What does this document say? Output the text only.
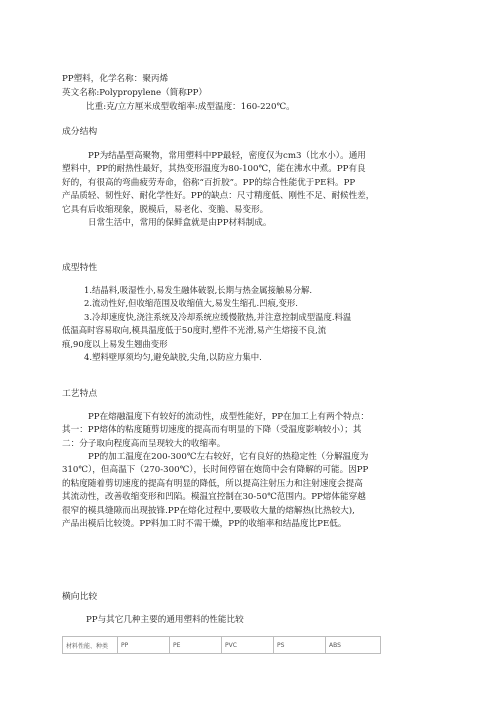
PP塑料，化学名称：聚丙烯
英文名称:Polypropylene（简称PP）
比重:克/立方厘米成型收缩率:成型温度：160-220℃。
成分结构
PP为结晶型高聚物，常用塑料中PP最轻，密度仅为cm3（比水小）。通用
塑料中，PP的耐热性最好，其热变形温度为80-100℃，能在沸水中煮。PP有良
好的，有很高的弯曲疲劳寿命，俗称“百折胶”。PP的综合性能优于PE料。PP
产品质轻、韧性好、耐化学性好。PP的缺点：尺寸精度低、刚性不足、耐候性差，
它具有后收缩现象，脱模后，易老化、变脆、易变形。
日常生活中，常用的保鲜盒就是由PP材料制成。
成型特性
1.结晶料,吸湿性小,易发生融体破裂,长期与热金属接触易分解.
2.流动性好,但收缩范围及收缩值大,易发生缩孔.凹痕,变形.
3.冷却速度快,浇注系统及冷却系统应缓慢散热,并注意控制成型温度.料温
低温高时容易取向,模具温度低于50度时,塑件不光滑,易产生熔接不良,流
痕,90度以上易发生翘曲变形
4.塑料壁厚须均匀,避免缺胶,尖角,以防应力集中.
工艺特点
PP在熔融温度下有较好的流动性，成型性能好，PP在加工上有两个特点：
其一：PP熔体的粘度随剪切速度的提高而有明显的下降（受温度影响较小）；其
二：分子取向程度高而呈现较大的收缩率。
PP的加工温度在200-300℃左右较好，它有良好的热稳定性（分解温度为
310℃），但高温下（270-300℃），长时间停留在炮筒中会有降解的可能。因PP
的粘度随着剪切速度的提高有明显的降低，所以提高注射压力和注射速度会提高
其流动性，改善收缩变形和凹陷。模温宜控制在30-50℃范围内。PP熔体能穿越
很窄的模具缝隙而出现披锋.PP在熔化过程中,要吸收大量的熔解热(比热较大),
产品出模后比较烫。PP料加工时不需干燥，PP的收缩率和结晶度比PE低。
横向比较
PP与其它几种主要的通用塑料的性能比较
材料性能、种类	PP	PE	PVC	PS	ABS
